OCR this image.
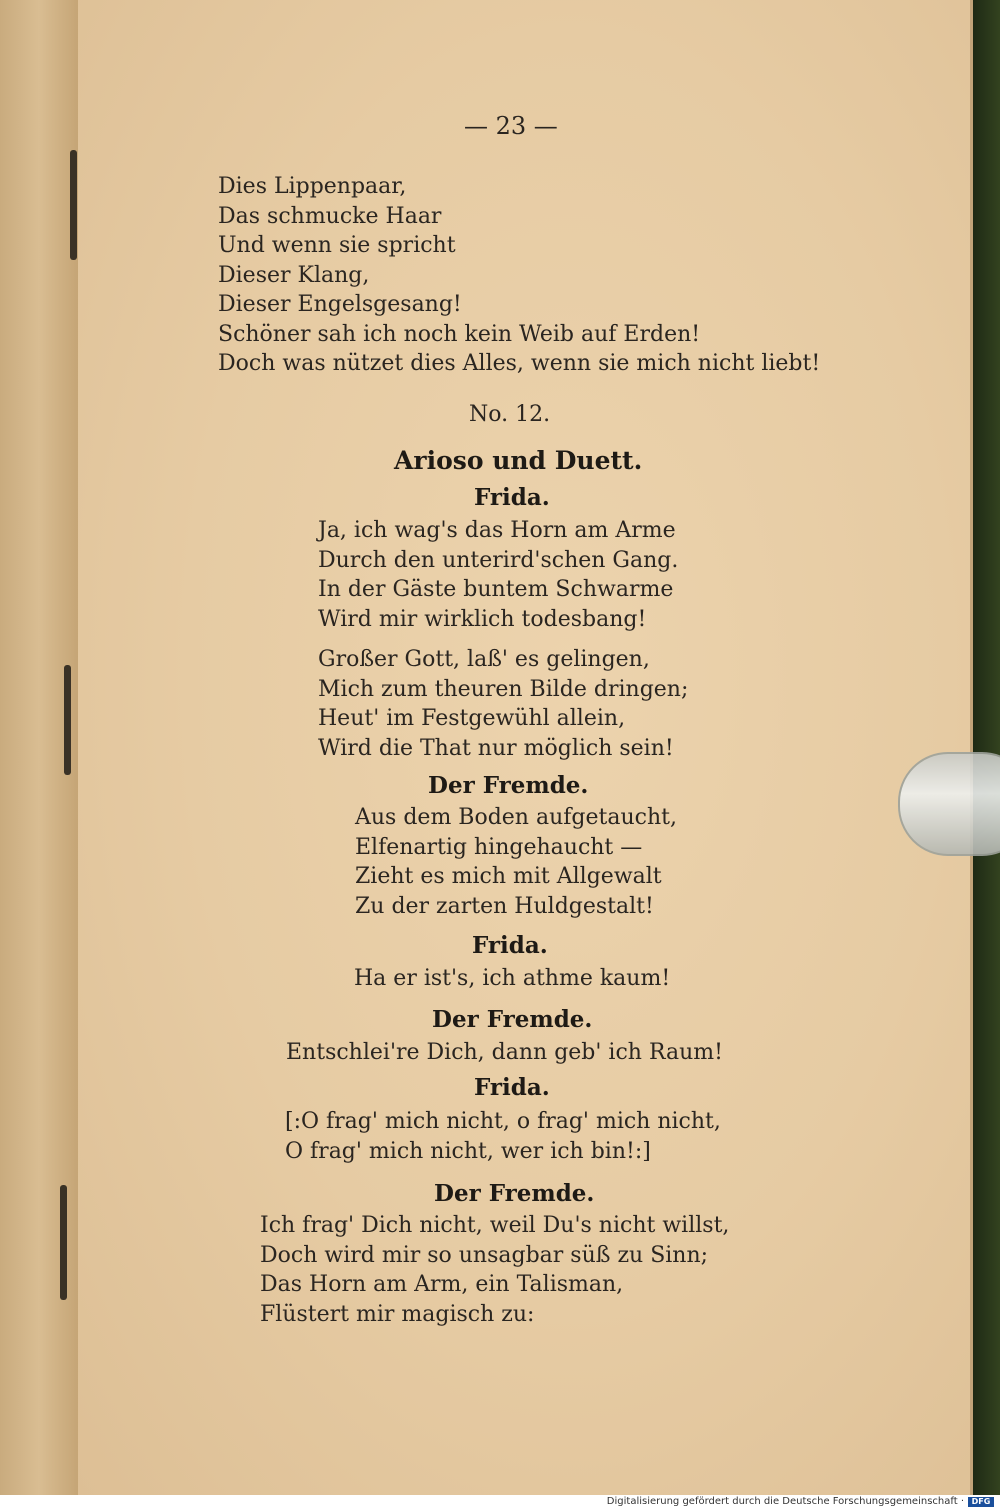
— 23 —
Dies Lippenpaar,
Das schmucke Haar
Und wenn sie spricht
Dieser Klang,
Dieser Engelsgesang!
Schöner sah ich noch kein Weib auf Erden!
Doch was nützet dies Alles, wenn sie mich nicht liebt!
No. 12.
Arioso und Duett.
Frida.
Ja, ich wag's das Horn am Arme
Durch den unterird'schen Gang.
In der Gäste buntem Schwarme
Wird mir wirklich todesbang!
Großer Gott, laß' es gelingen,
Mich zum theuren Bilde dringen;
Heut' im Festgewühl allein,
Wird die That nur möglich sein!
Der Fremde.
Aus dem Boden aufgetaucht,
Elfenartig hingehaucht —
Zieht es mich mit Allgewalt
Zu der zarten Huldgestalt!
Frida.
Ha er ist's, ich athme kaum!
Der Fremde.
Entschlei're Dich, dann geb' ich Raum!
Frida.
[:O frag' mich nicht, o frag' mich nicht,
O frag' mich nicht, wer ich bin!:]
Der Fremde.
Ich frag' Dich nicht, weil Du's nicht willst,
Doch wird mir so unsagbar süß zu Sinn;
Das Horn am Arm, ein Talisman,
Flüstert mir magisch zu:
Digitalisierung gefördert durch die Deutsche Forschungsgemeinschaft · DFG
